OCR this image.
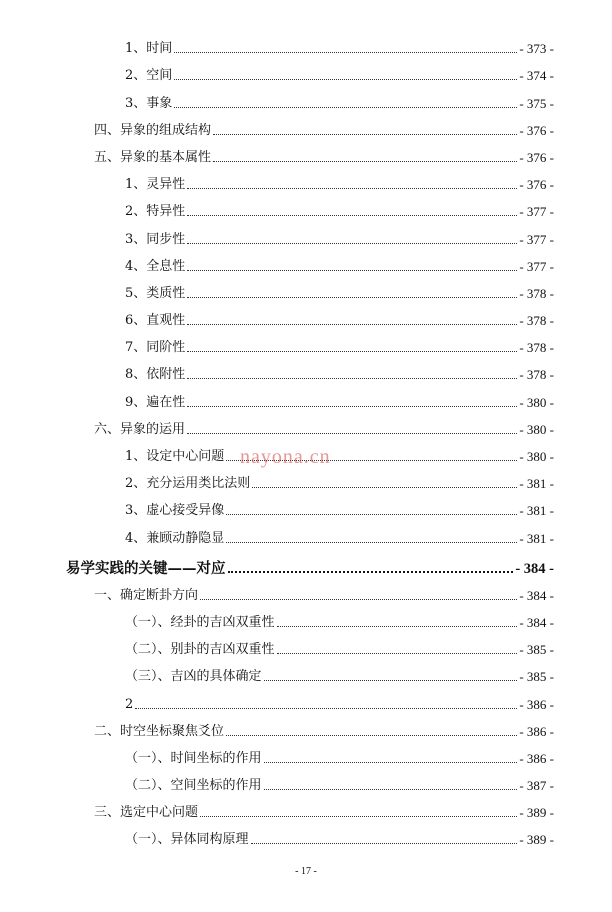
1、时间	- 373 -
2、空间	- 374 -
3、事象	- 375 -
四、异象的组成结构	- 376 -
五、异象的基本属性	- 376 -
1、灵异性	- 376 -
2、特异性	- 377 -
3、同步性	- 377 -
4、全息性	- 377 -
5、类质性	- 378 -
6、直观性	- 378 -
7、同阶性	- 378 -
8、依附性	- 378 -
9、遍在性	- 380 -
六、异象的运用	- 380 -
1、设定中心问题	- 380 -
2、充分运用类比法则	- 381 -
3、虚心接受异像	- 381 -
4、兼顾动静隐显	- 381 -
易学实践的关键——对应	- 384 -
一、确定断卦方向	- 384 -
（一）、经卦的吉凶双重性	- 384 -
（二）、别卦的吉凶双重性	- 385 -
（三）、吉凶的具体确定	- 385 -
2	- 386 -
二、时空坐标聚焦爻位	- 386 -
（一）、时间坐标的作用	- 386 -
（二）、空间坐标的作用	- 387 -
三、选定中心问题	- 389 -
（一）、异体同构原理	- 389 -
nayona.cn
- 17 -
